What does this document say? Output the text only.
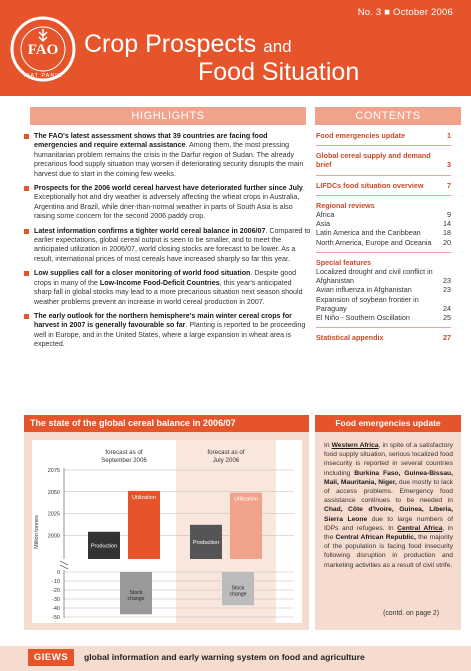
No. 3 ■ October 2006
FAO
FIAT PANIS
Crop Prospects and
Food Situation
HIGHLIGHTS
The FAO's latest assessment shows that 39 countries are facing food emergencies and require external assistance. Among them, the most pressing humanitarian problem remains the crisis in the Darfur region of Sudan. The already precarious food supply situation may worsen if deteriorating security disrupts the main harvest due to start in the coming few weeks.
Prospects for the 2006 world cereal harvest have deteriorated further since July. Exceptionally hot and dry weather is adversely affecting the wheat crops in Australia, Argentina and Brazil, while drier-than-normal weather in parts of South Asia is also raising some concern for the second 2006 paddy crop.
Latest information confirms a tighter world cereal balance in 2006/07. Compared to earlier expectations, global cereal output is seen to be smaller, and to meet the anticipated utilization in 2006/07, world closing stocks are forecast to be lower. As a result, international prices of most cereals have increased sharply so far this year.
Low supplies call for a closer monitoring of world food situation. Despite good crops in many of the Low-Income Food-Deficit Countries, this year's anticipated sharp fall in global stocks may lead to a more precarious situation next season should weather problems prevent an increase in world cereal production in 2007.
The early outlook for the northern hemisphere's main winter cereal crops for harvest in 2007 is generally favourable so far. Planting is reported to be proceeding well in Europe, and in the United States, where a large expansion in wheat area is expected.
CONTENTS
Food emergencies update	1
Global cereal supply and demand brief	3
LIFDCs food situation overview	7
Regional reviews
Africa	9
Asia	14
Latin America and the Caribbean	18
North America, Europe and Oceania 20
Special features
Localized drought and civil conflict in Afghanistan	23
Avian influenza in Afghanistan	23
Expansion of soybean frontier in Paraguay	24
El Niño - Southern Oscillation	25
Statistical appendix	27
The state of the global cereal balance in 2006/07
forecast as of
September 2006
forecast as of
July 2006
2075
2050
2025
2000
Million tonnes	Production
Utilization
Production
Utilization
0
-10
-20
-30
-40
-50
Stock
change
Stock
change
Food emergencies update

In Western Africa, in spite of a satisfactory food supply situation, serious localized food insecurity is reported in several countries including Burkina Faso, Guinea-Bissau, Mali, Mauritania, Niger, due mostly to lack of access problems. Emergency food assistance continues to be needed in Chad, Côte d'Ivoire, Guinea, Liberia, Sierra Leone due to large numbers of IDPs and refugees. In Central Africa, in the Central African Republic, the majority of the population is facing food insecurity following disruption in production and marketing activities as a result of civil strife.

(contd. on page 2)
GIEWS	global information and early warning system on food and agriculture
